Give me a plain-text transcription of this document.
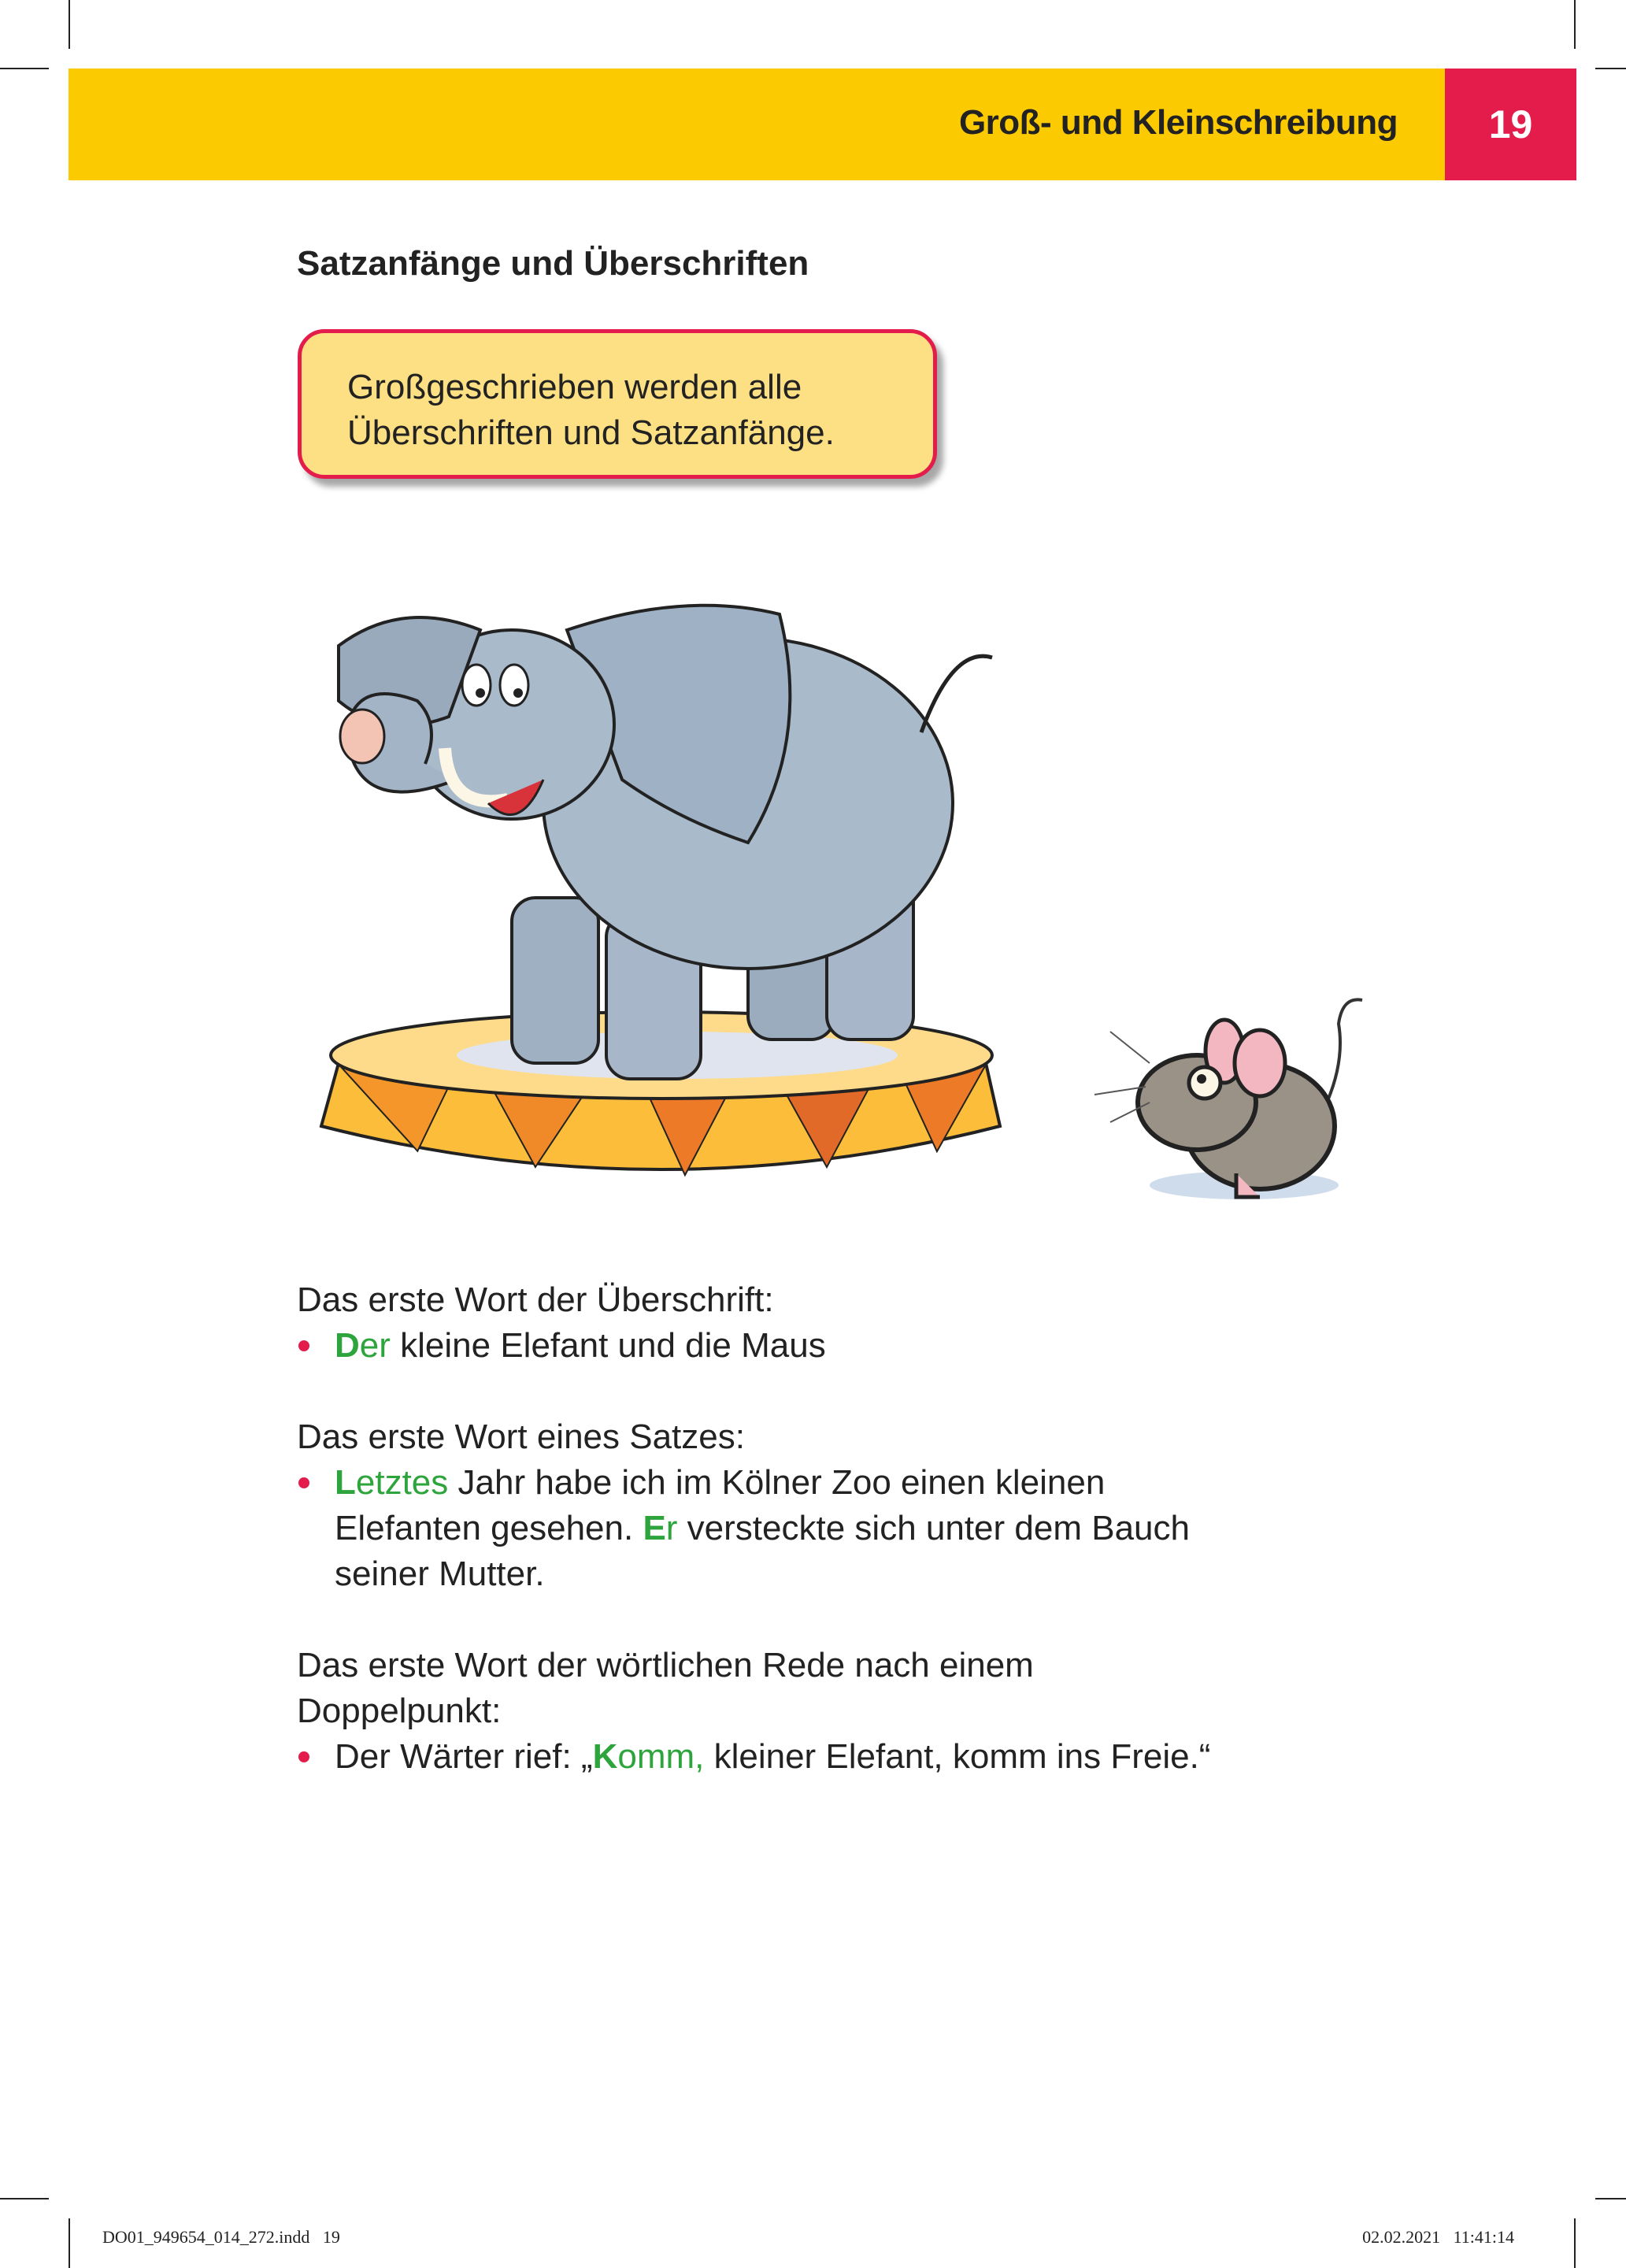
Groß- und Kleinschreibung	19
Satzanfänge und Überschriften
Großgeschrieben werden alle
Überschriften und Satzanfänge.
Das erste Wort der Überschrift:
Der kleine Elefant und die Maus
Das erste Wort eines Satzes:
Letztes Jahr habe ich im Kölner Zoo einen kleinen
Elefanten gesehen. Er versteckte sich unter dem Bauch
seiner Mutter.
Das erste Wort der wörtlichen Rede nach einem
Doppelpunkt:
Der Wärter rief: „Komm, kleiner Elefant, komm ins Freie.“
DO01_949654_014_272.indd   19	02.02.2021   11:41:14
